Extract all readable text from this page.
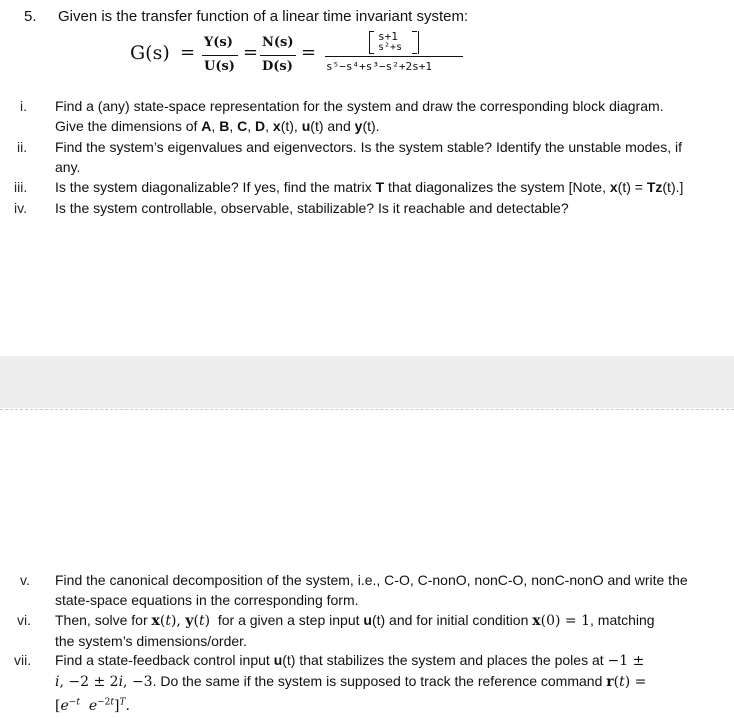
5. Given is the transfer function of a linear time invariant system:
G(s) = Y(s)
U(s)
= N(s)
D(s)
=
s+1
s²+s
s⁵−s⁴+s³−s²+2s+1
i. Find a (any) state-space representation for the system and draw the corresponding block diagram.
Give the dimensions of A, B, C, D, x(t), u(t) and y(t).
ii. Find the system’s eigenvalues and eigenvectors. Is the system stable? Identify the unstable modes, if
any.
iii. Is the system diagonalizable? If yes, find the matrix T that diagonalizes the system [Note, x(t) = Tz(t).]
iv. Is the system controllable, observable, stabilizable? Is it reachable and detectable?
v. Find the canonical decomposition of the system, i.e., C-O, C-nonO, nonC-O, nonC-nonO and write the
state-space equations in the corresponding form.
vi. Then, solve for x(t), y(t)  for a given a step input u(t) and for initial condition x(0) = 1, matching
the system’s dimensions/order.
vii. Find a state-feedback control input u(t) that stabilizes the system and places the poles at −1 ±
i, −2 ± 2i, −3. Do the same if the system is supposed to track the reference command r(t) =
[$e^{-t}$ $e^{-2t}]^T$.
